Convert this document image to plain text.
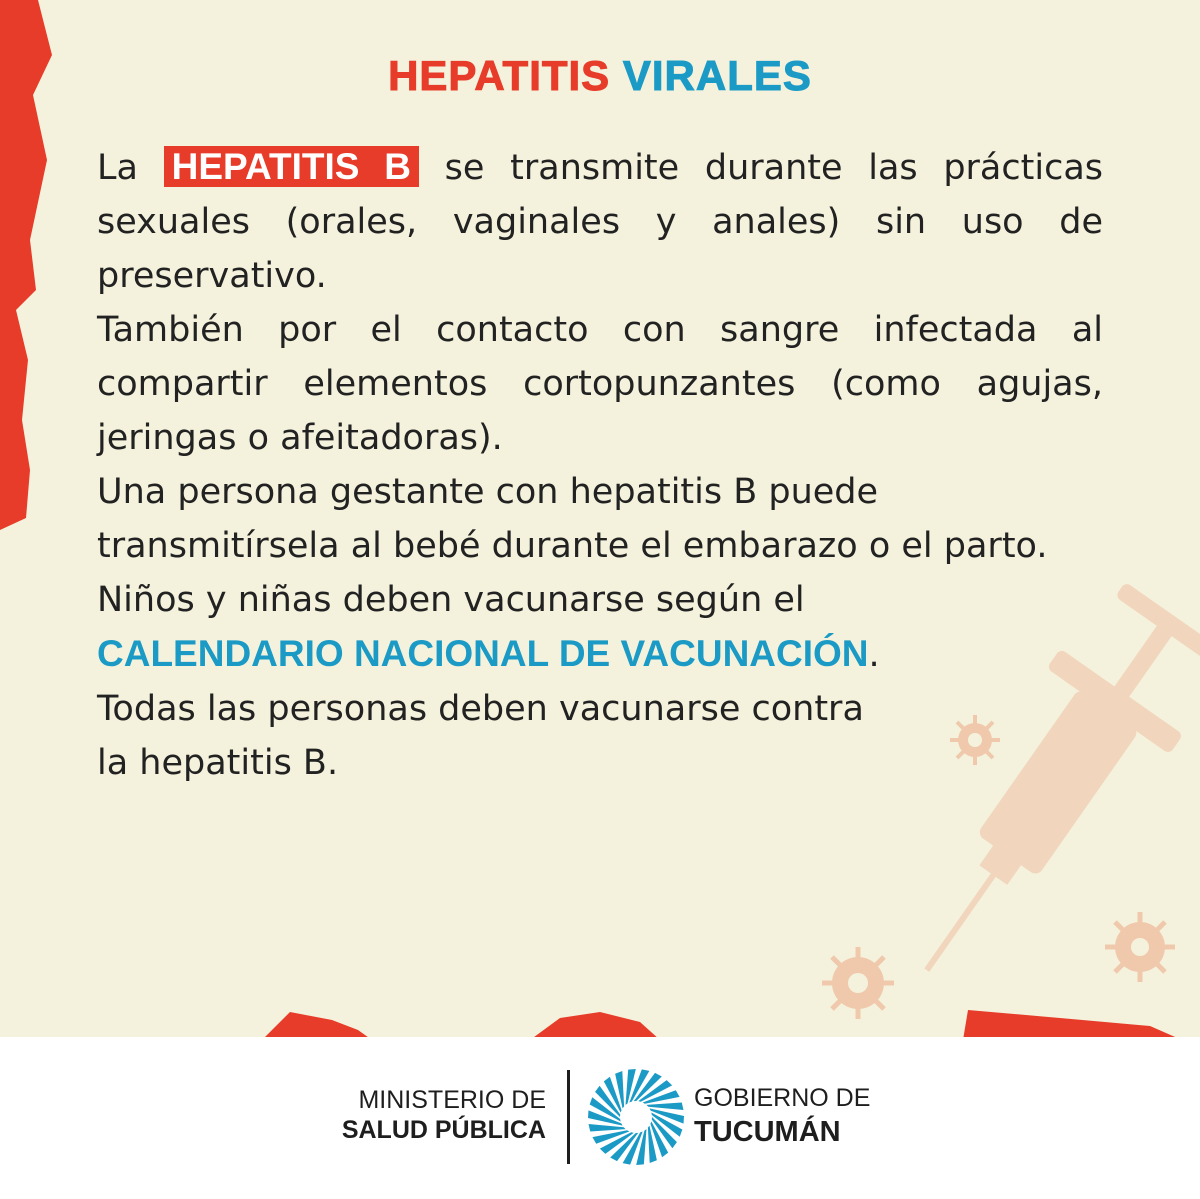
HEPATITIS VIRALES

La HEPATITIS B se transmite durante las prácticas sexuales (orales, vaginales y anales) sin uso de preservativo.

También por el contacto con sangre infectada al compartir elementos cortopunzantes (como agujas, jeringas o afeitadoras).

Una persona gestante con hepatitis B puede transmitírsela al bebé durante el embarazo o el parto.

Niños y niñas deben vacunarse según el
CALENDARIO NACIONAL DE VACUNACIÓN.

Todas las personas deben vacunarse contra
la hepatitis B.

MINISTERIO DE
SALUD PÚBLICA
GOBIERNO DE
TUCUMÁN
